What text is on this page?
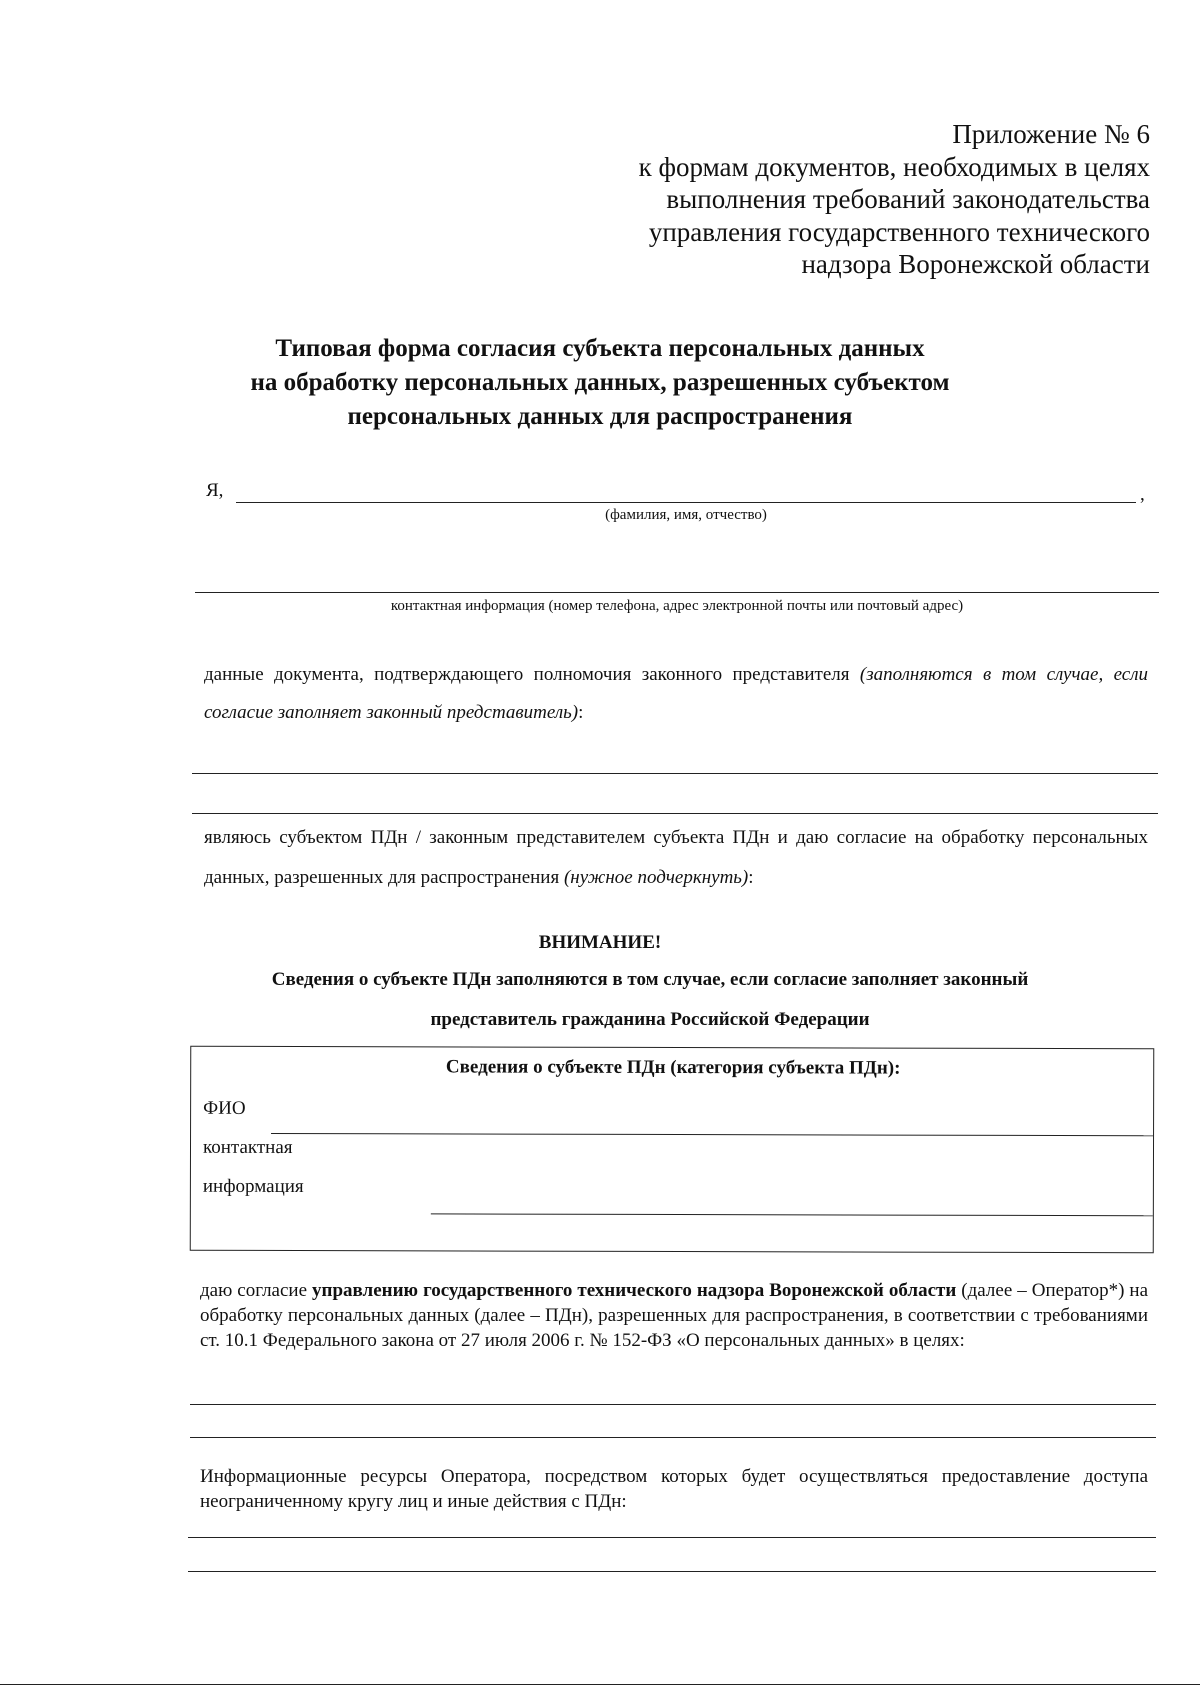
Приложение № 6
к формам документов, необходимых в целях
выполнения требований законодательства
управления государственного технического
надзора Воронежской области
Типовая форма согласия субъекта персональных данных
на обработку персональных данных, разрешенных субъектом
персональных данных для распространения
Я,	,
(фамилия, имя, отчество)
контактная информация (номер телефона, адрес электронной почты или почтовый адрес)
данные документа, подтверждающего полномочия законного представителя (заполняются в том случае, если согласие заполняет законный представитель):
являюсь субъектом ПДн / законным представителем субъекта ПДн и даю согласие на обработку персональных данных, разрешенных для распространения (нужное подчеркнуть):
ВНИМАНИЕ!
Сведения о субъекте ПДн заполняются в том случае, если согласие заполняет законный
представитель гражданина Российской Федерации
Сведения о субъекте ПДн (категория субъекта ПДн):
ФИО
контактная
информация
даю согласие управлению государственного технического надзора Воронежской области (далее – Оператор*) на обработку персональных данных (далее – ПДн), разрешенных для распространения, в соответствии с требованиями ст. 10.1 Федерального закона от 27 июля 2006 г. № 152-ФЗ «О персональных данных» в целях:
Информационные ресурсы Оператора, посредством которых будет осуществляться предоставление доступа неограниченному кругу лиц и иные действия с ПДн:
